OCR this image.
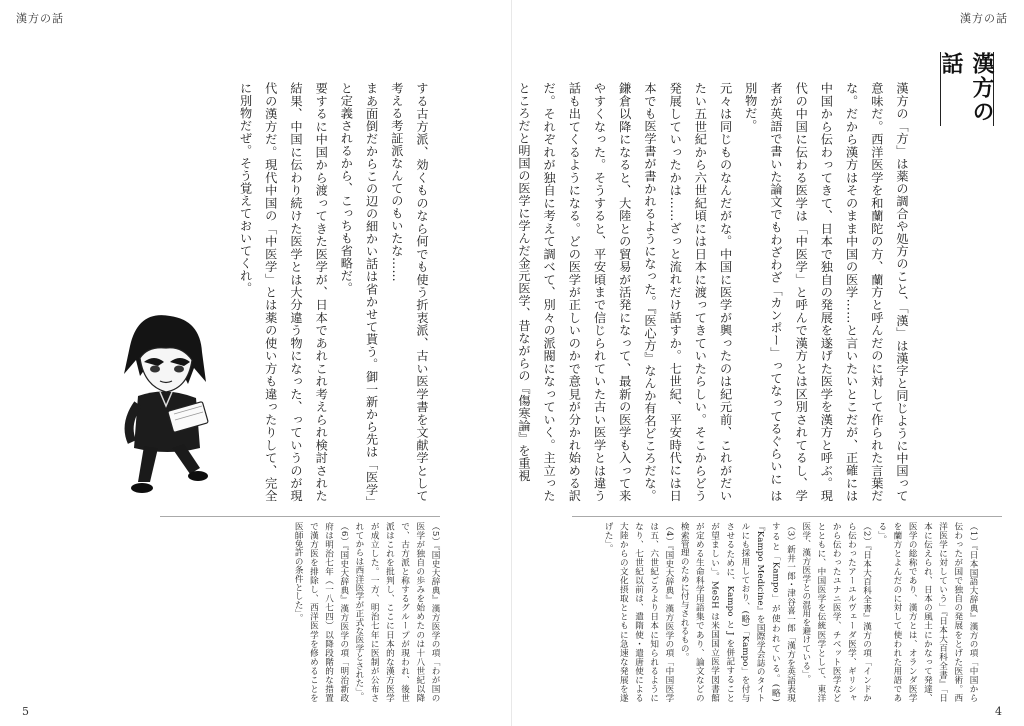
漢方の話	漢方の話
漢方の話

漢方の「方」は薬の調合や処方のこと、「漢」は漢字と同じように中国って意味だ。西洋医学を和蘭陀の方、蘭方と呼んだのに対して作られた言葉だな。だから漢方はそのまま中国の医学……と言いたいとこだが、正確には中国から伝わってきて、日本で独自の発展を遂げた医学を漢方と呼ぶ。現代の中国に伝わる医学は「中医学」と呼んで漢方とは区別されてるし、学者が英語で書いた論文でもわざわざ「カンポー」ってなってるぐらいに は別物だ。

元々は同じものなんだがな。中国に医学が興ったのは紀元前、これがだいたい五世紀から六世紀頃には日本に渡ってきていたらしい。そこからどう発展していったかは……ざっと流れだけ話すか。七世紀、平安時代には日本でも医学書が書かれるようになった。『医心方』なんか有名どころだな。鎌倉以降になると、大陸との貿易が活発になって、最新の医学も入って来やすくなった。そうすると、平安頃まで信じられていた古い医学とは違う話も出てくるようになる。どの医学が正しいのかで意見が分かれ始める訳だ。それぞれが独自に考えて調べて、別々の派閥になっていく。主立ったところだと明国の医学に学んだ金元医学、昔ながらの『傷寒論』を重視

する古方派、効くものなら何でも使う折衷派、古い医学書を文献学として考える考証派なんてのもいたな……

まあ面倒だからこの辺の細かい話は省かせて貰う。御一新から先は「医学」と定義されるから、こっちも省略だ。

要するに中国から渡ってきた医学が、日本であれこれ考えられ検討された結果、中国に伝わり続けた医学とは大分違う物になった、っていうのが現代の漢方だ。現代中国の「中医学」とは薬の使い方も違ったりして、完全に別物だぜ。そう覚えておいてくれ。

（1）『日本国語大辞典』漢方の項「中国から伝わったが国で独自の発展をとげた医術。西洋医学に対していう」『日本大百科全書』「日本に伝えられ、日本の風土にかなって発達、医学の総称であり、漢方とは、オランダ医学を蘭方とよんだのに対して使われた用語である」。

（2）『日本大百科全書』漢方の項「インドから伝わったアーユルヴェーダ医学、ギリシャから伝わったユナニ医学、チベット医学などとともに、中国医学を伝統医学として、東洋医学、漢方医学との混用を避けている」。

（3）新井一郎・津谷喜一郎「漢方を英語表現すると「Kampo」が使われている。(略)『Kampo Medicine』を国際学会誌のタイトルにも採用しており、(略)「Kampo」を付与させるために、Kampo と J を併記することが望ましい」。MeSH は米国国立医学図書館が定める生命科学用語集であり、論文などの検索管理のために付与されるもの。

（4）『国史大辞典』漢方医学の項「中国医学は五、六世紀ごろより日本に知られるようになり、七世紀以前は、遣隋使・遣唐使による大陸からの文化摂取とともに急速な発展を遂げた」。

（5）『国史大辞典』漢方医学の項「わが国の医学が独自の歩みを始めたのは十八世紀以降で、古方派と称するグループが現われ、後世派はこれを批判し、ここに日本的な漢方医学が成立した。一方、明治七年に医制が公布されてからは西洋医学が正式な医学とされた」。

（6）『国史大辞典』漢方医学の項「明治新政府は明治七年（一八七四）以降段階的な措置で漢方医を排除し、西洋医学を修めることを医師免許の条件とした」。

5	4
